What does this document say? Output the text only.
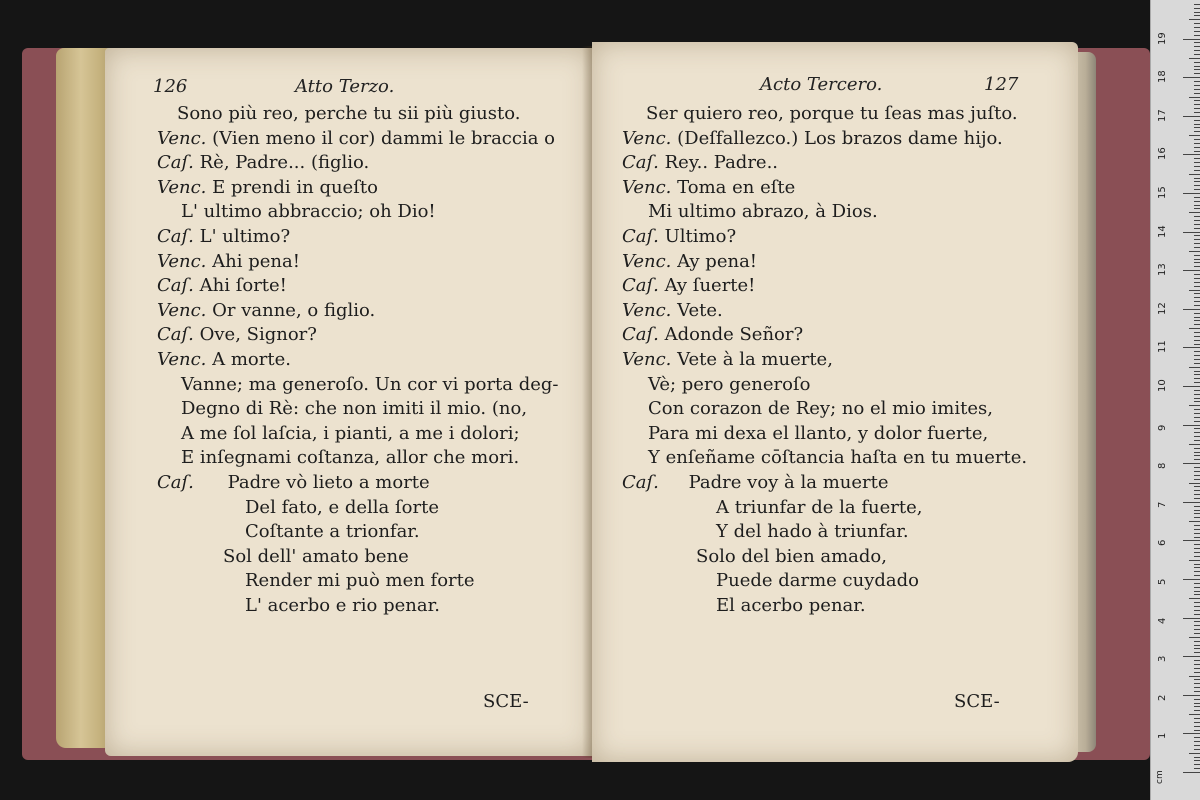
126	Atto Terzo.
Sono più reo, perche tu sii più giusto.
Venc. (Vien meno il cor) dammi le braccia o
Caſ. Rè, Padre... (figlio.
Venc. E prendi in queſto
L' ultimo abbraccio; oh Dio!
Caſ. L' ultimo?
Venc. Ahi pena!
Caſ. Ahi ſorte!
Venc. Or vanne, o figlio.
Caſ. Ove, Signor?
Venc. A morte.
Vanne; ma generoſo. Un cor vi porta deg-
Degno di Rè: che non imiti il mio. (no,
A me ſol laſcia, i pianti, a me i dolori;
E inſegnami coſtanza, allor che mori.
Caſ. Padre vò lieto a morte
Del fato, e della ſorte
Coſtante a trionfar.
Sol dell' amato bene
Render mi può men forte
L' acerbo e rio penar.
SCE-
Acto Tercero.	127
Ser quiero reo, porque tu ſeas mas juſto.
Venc. (Deſfallezco.) Los brazos dame hijo.
Caſ. Rey.. Padre..
Venc. Toma en eſte
Mi ultimo abrazo, à Dios.
Caſ. Ultimo?
Venc. Ay pena!
Caſ. Ay ſuerte!
Venc. Vete.
Caſ. Adonde Señor?
Venc. Vete à la muerte,
Vè; pero generoſo
Con corazon de Rey; no el mio imites,
Para mi dexa el llanto, y dolor fuerte,
Y enſeñame cōſtancia haſta en tu muerte.
Caſ. Padre voy à la muerte
A triunfar de la fuerte,
Y del hado à triunfar.
Solo del bien amado,
Puede darme cuydado
El acerbo penar.
SCE-
1
2
3
4
5
6
7
8
9
10
11
12
13
14
15
16
17
18
19
cm
